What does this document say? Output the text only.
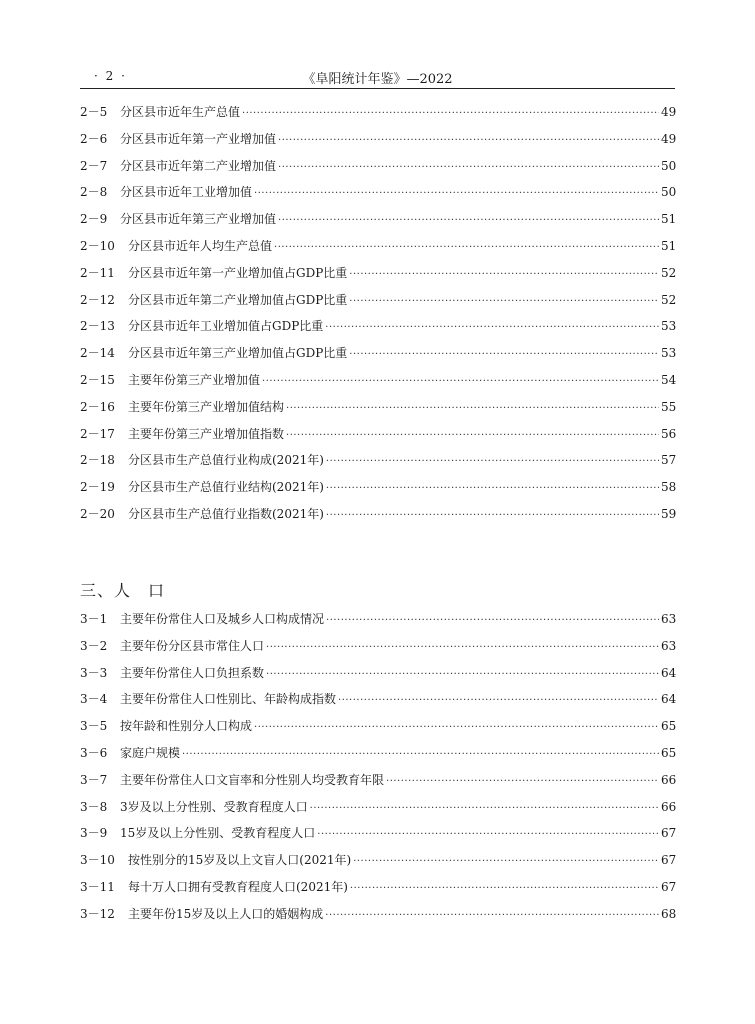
· 2 ·	《阜阳统计年鉴》—2022
2－5	分区县市近年生产总值 ·····	49
2－6	分区县市近年第一产业增加值 ·····	49
2－7	分区县市近年第二产业增加值 ·····	50
2－8	分区县市近年工业增加值 ·····	50
2－9	分区县市近年第三产业增加值 ·····	51
2－10	分区县市近年人均生产总值 ·····	51
2－11	分区县市近年第一产业增加值占GDP比重 ·····	52
2－12	分区县市近年第二产业增加值占GDP比重 ·····	52
2－13	分区县市近年工业增加值占GDP比重 ·····	53
2－14	分区县市近年第三产业增加值占GDP比重 ·····	53
2－15	主要年份第三产业增加值 ·····	54
2－16	主要年份第三产业增加值结构 ·····	55
2－17	主要年份第三产业增加值指数 ·····	56
2－18	分区县市生产总值行业构成(2021年) ·····	57
2－19	分区县市生产总值行业结构(2021年) ·····	58
2－20	分区县市生产总值行业指数(2021年) ·····	59
三、人　口
3－1	主要年份常住人口及城乡人口构成情况 ·····	63
3－2	主要年份分区县市常住人口 ·····	63
3－3	主要年份常住人口负担系数 ·····	64
3－4	主要年份常住人口性别比、年龄构成指数 ·····	64
3－5	按年龄和性别分人口构成 ·····	65
3－6	家庭户规模 ·····	65
3－7	主要年份常住人口文盲率和分性别人均受教育年限 ·····	66
3－8	3岁及以上分性别、受教育程度人口 ·····	66
3－9	15岁及以上分性别、受教育程度人口 ·····	67
3－10	按性别分的15岁及以上文盲人口(2021年) ·····	67
3－11	每十万人口拥有受教育程度人口(2021年) ·····	67
3－12	主要年份15岁及以上人口的婚姻构成 ·····	68
